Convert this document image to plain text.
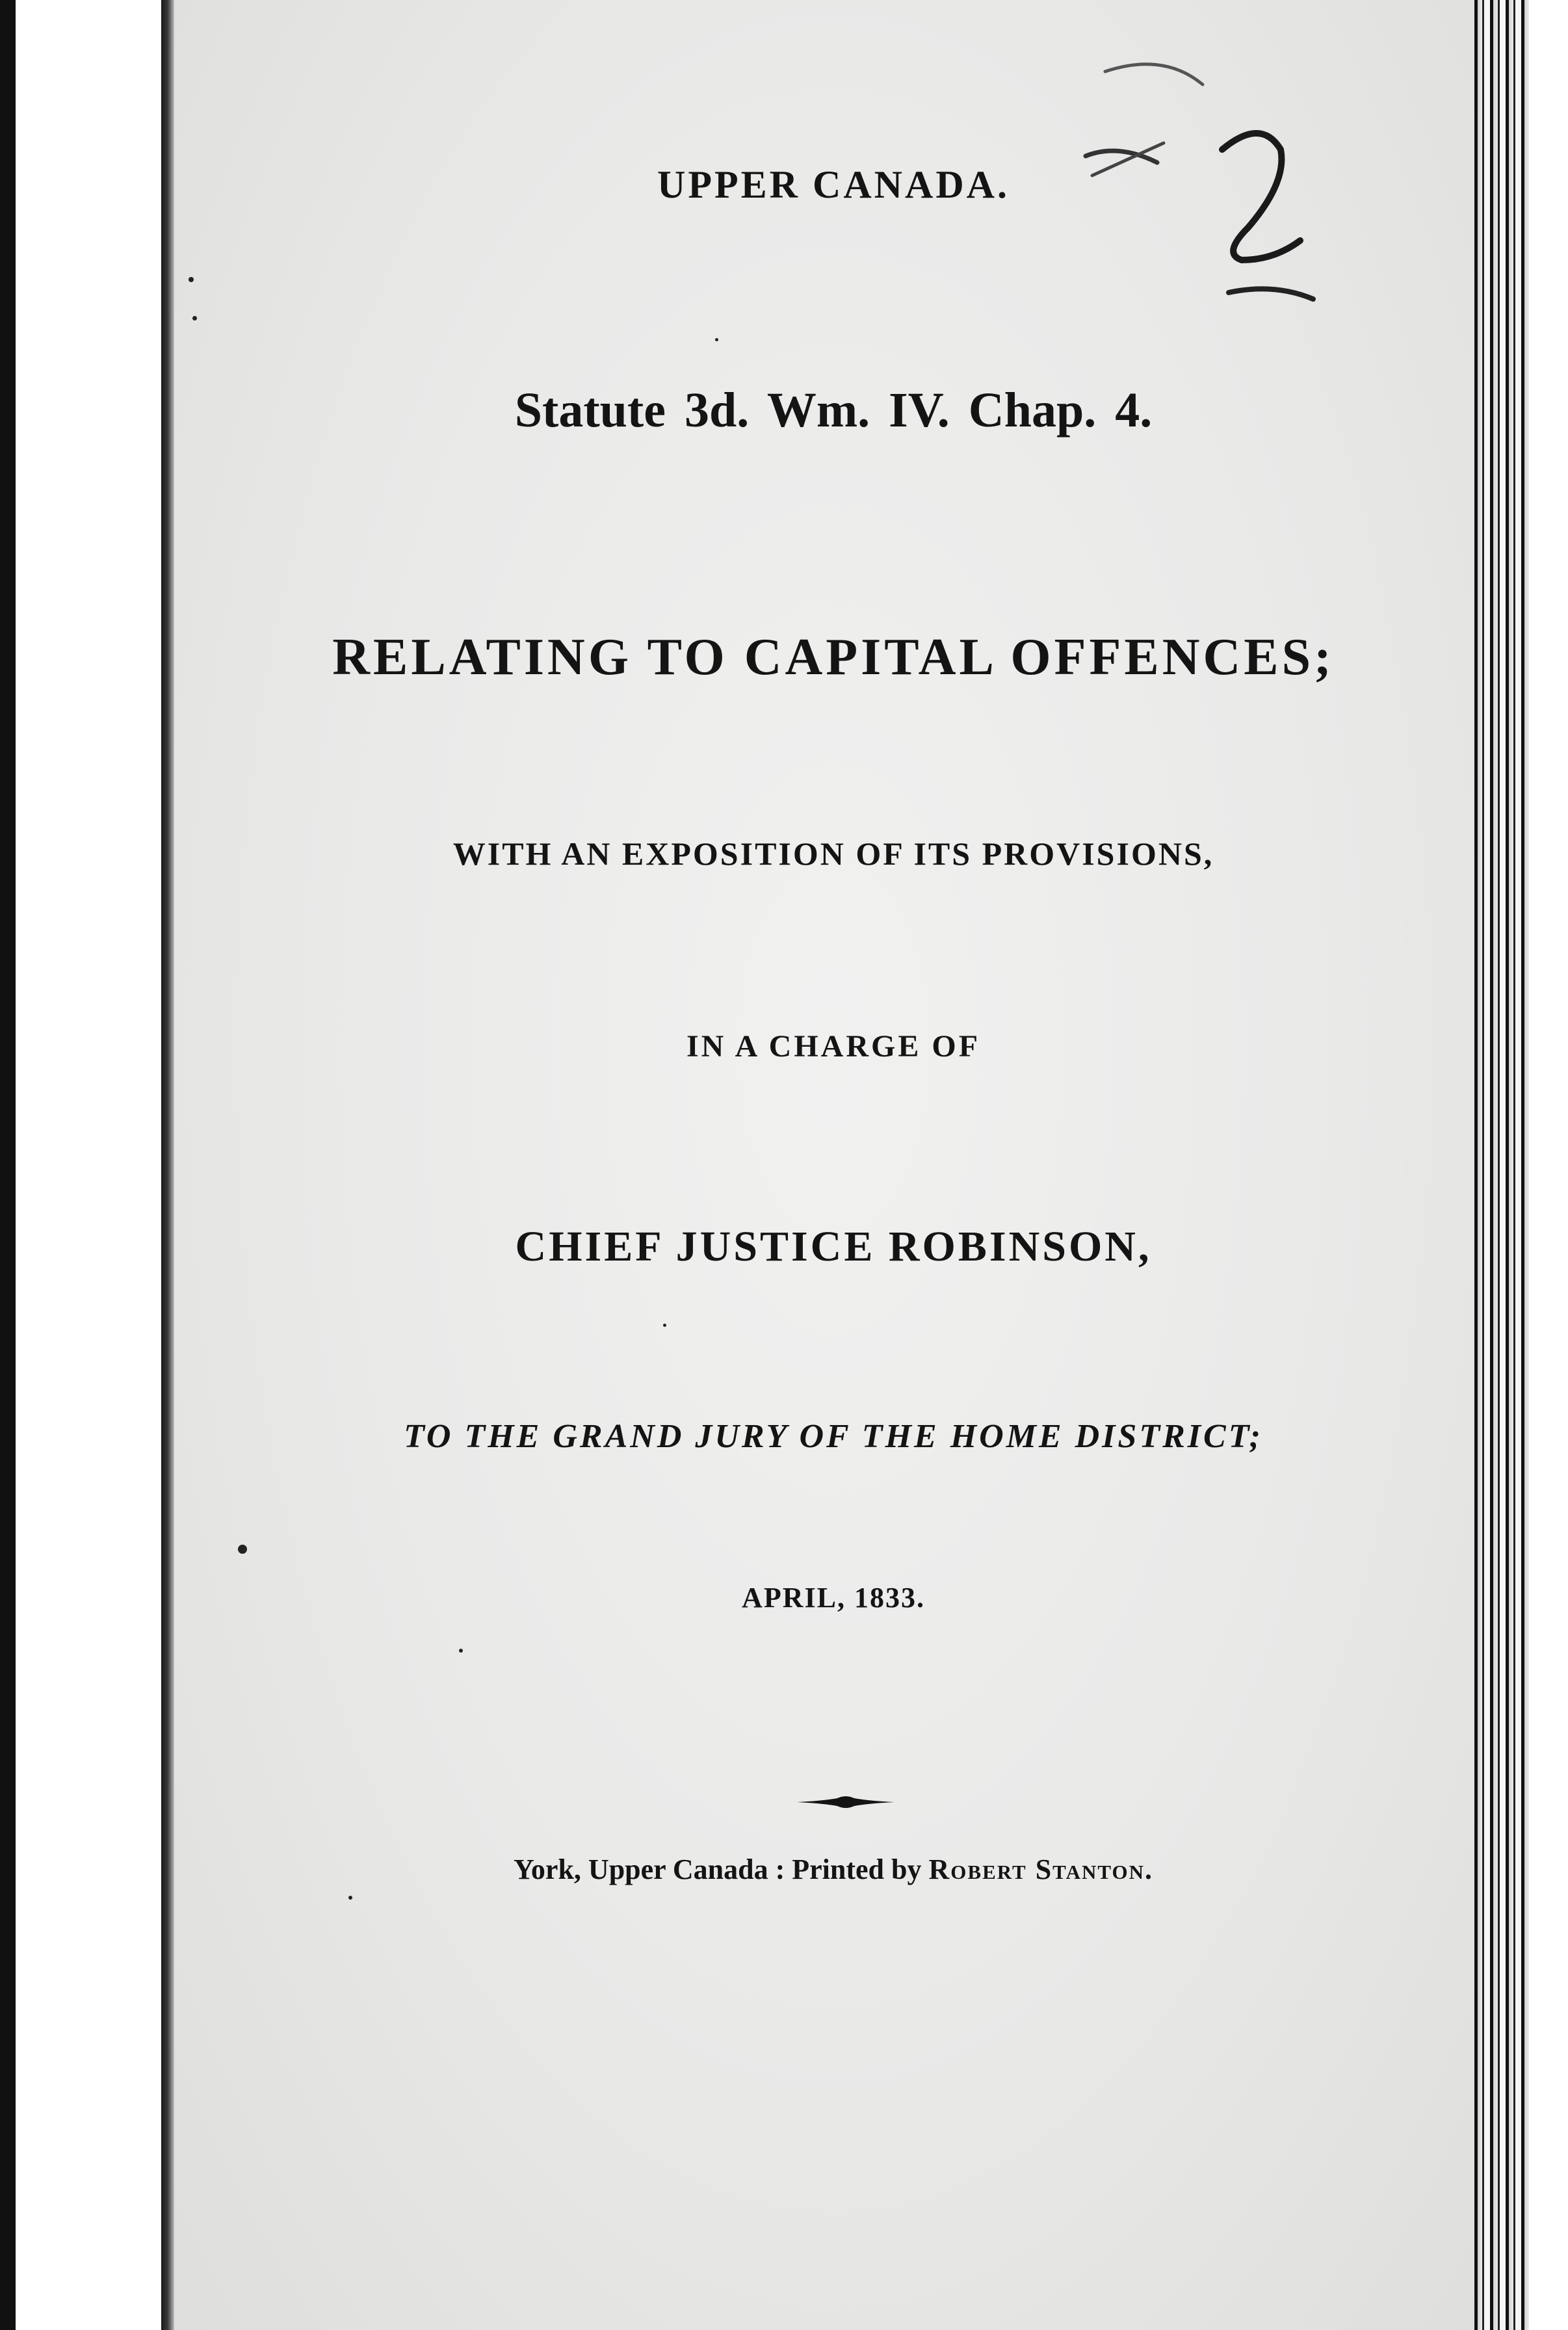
UPPER CANADA.
Statute 3d. Wm. IV. Chap. 4.
RELATING TO CAPITAL OFFENCES;
WITH AN EXPOSITION OF ITS PROVISIONS,
IN A CHARGE OF
CHIEF JUSTICE ROBINSON,
TO THE GRAND JURY OF THE HOME DISTRICT;
APRIL, 1833.
York, Upper Canada : Printed by Robert Stanton.
